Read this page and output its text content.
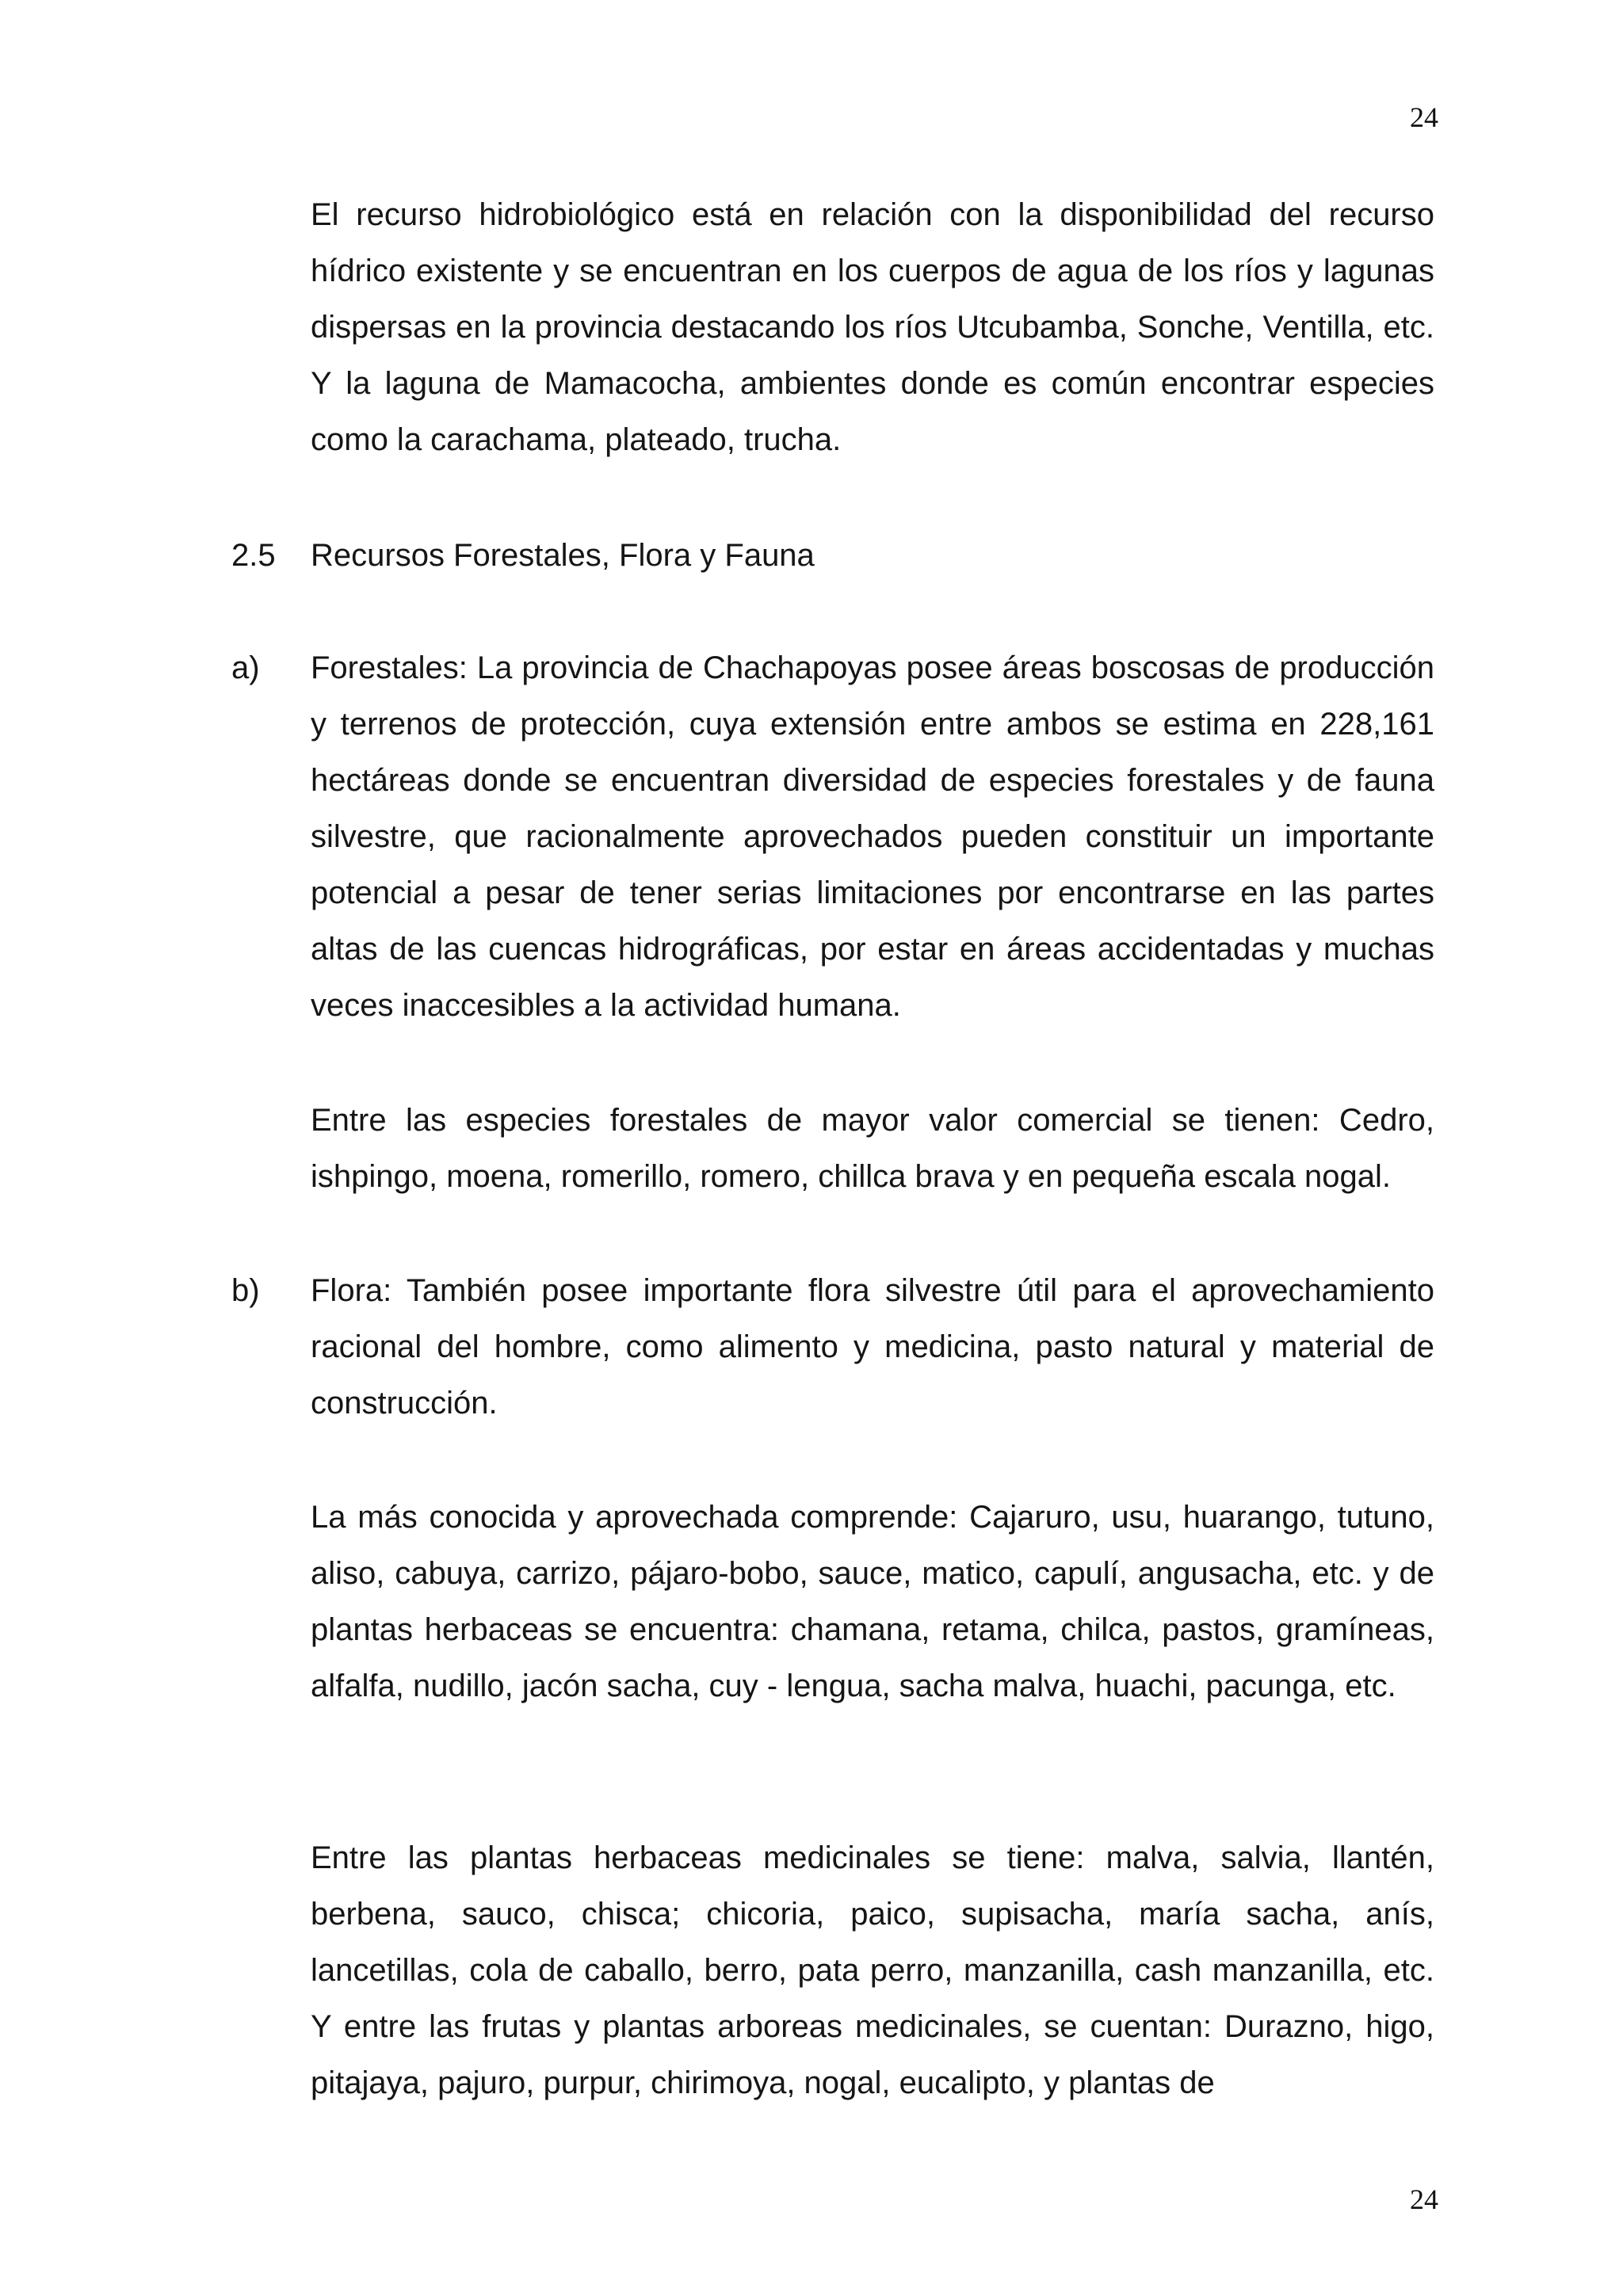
24

El recurso hidrobiológico está en relación con la disponibilidad del recurso hídrico existente y se encuentran en los cuerpos de agua de los ríos y lagunas dispersas en la provincia destacando los ríos Utcubamba, Sonche, Ventilla, etc. Y la laguna de Mamacocha, ambientes donde es común encontrar especies como la carachama, plateado, trucha.

2.5 Recursos Forestales, Flora y Fauna

a) Forestales: La provincia de Chachapoyas posee áreas boscosas de producción y terrenos de protección, cuya extensión entre ambos se estima en 228,161 hectáreas donde se encuentran diversidad de especies forestales y de fauna silvestre, que racionalmente aprovechados pueden constituir un importante potencial a pesar de tener serias limitaciones por encontrarse en las partes altas de las cuencas hidrográficas, por estar en áreas accidentadas y muchas veces inaccesibles a la actividad humana.

Entre las especies forestales de mayor valor comercial se tienen: Cedro, ishpingo, moena, romerillo, romero, chillca brava y en pequeña escala nogal.

b) Flora: También posee importante flora silvestre útil para el aprovechamiento racional del hombre, como alimento y medicina, pasto natural y material de construcción.

La más conocida y aprovechada comprende: Cajaruro, usu, huarango, tutuno, aliso, cabuya, carrizo, pájaro-bobo, sauce, matico, capulí, angusacha, etc. y de plantas herbaceas se encuentra: chamana, retama, chilca, pastos, gramíneas, alfalfa, nudillo, jacón sacha, cuy - lengua, sacha malva, huachi, pacunga, etc.

Entre las plantas herbaceas medicinales se tiene: malva, salvia, llantén, berbena, sauco, chisca; chicoria, paico, supisacha, maría sacha, anís, lancetillas, cola de caballo, berro, pata perro, manzanilla, cash manzanilla, etc. Y entre las frutas y plantas arboreas medicinales, se cuentan: Durazno, higo, pitajaya, pajuro, purpur, chirimoya, nogal, eucalipto, y plantas de

24
